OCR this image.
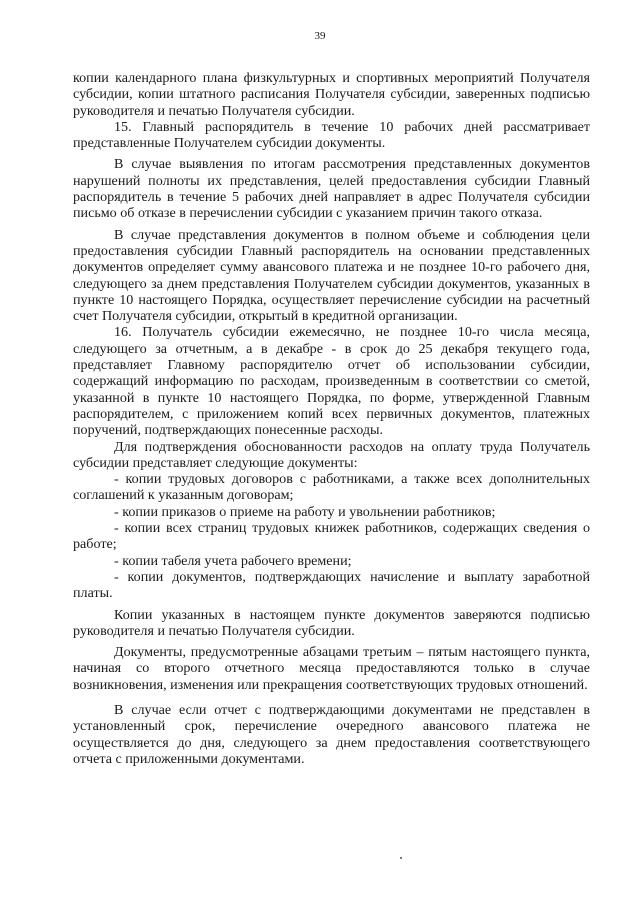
39

копии календарного плана физкультурных и спортивных мероприятий Получателя субсидии, копии штатного расписания Получателя субсидии, заверенных подписью руководителя и печатью Получателя субсидии.

15. Главный распорядитель в течение 10 рабочих дней рассматривает представленные Получателем субсидии документы.

В случае выявления по итогам рассмотрения представленных документов нарушений полноты их представления, целей предоставления субсидии Главный распорядитель в течение 5 рабочих дней направляет в адрес Получателя субсидии письмо об отказе в перечислении субсидии с указанием причин такого отказа.

В случае представления документов в полном объеме и соблюдения цели предоставления субсидии Главный распорядитель на основании представленных документов определяет сумму авансового платежа и не позднее 10-го рабочего дня, следующего за днем представления Получателем субсидии документов, указанных в пункте 10 настоящего Порядка, осуществляет перечисление субсидии на расчетный счет Получателя субсидии, открытый в кредитной организации.

16. Получатель субсидии ежемесячно, не позднее 10-го числа месяца, следующего за отчетным, а в декабре - в срок до 25 декабря текущего года, представляет Главному распорядителю отчет об использовании субсидии, содержащий информацию по расходам, произведенным в соответствии со сметой, указанной в пункте 10 настоящего Порядка, по форме, утвержденной Главным распорядителем, с приложением копий всех первичных документов, платежных поручений, подтверждающих понесенные расходы.

Для подтверждения обоснованности расходов на оплату труда Получатель субсидии представляет следующие документы:

- копии трудовых договоров с работниками, а также всех дополнительных соглашений к указанным договорам;

- копии приказов о приеме на работу и увольнении работников;

- копии всех страниц трудовых книжек работников, содержащих сведения о работе;

- копии табеля учета рабочего времени;

- копии документов, подтверждающих начисление и выплату заработной платы.

Копии указанных в настоящем пункте документов заверяются подписью руководителя и печатью Получателя субсидии.

Документы, предусмотренные абзацами третьим – пятым настоящего пункта, начиная со второго отчетного месяца предоставляются только в случае возникновения, изменения или прекращения соответствующих трудовых отношений.

В случае если отчет с подтверждающими документами не представлен в установленный срок, перечисление очередного авансового платежа не осуществляется до дня, следующего за днем предоставления соответствующего отчета с приложенными документами.
